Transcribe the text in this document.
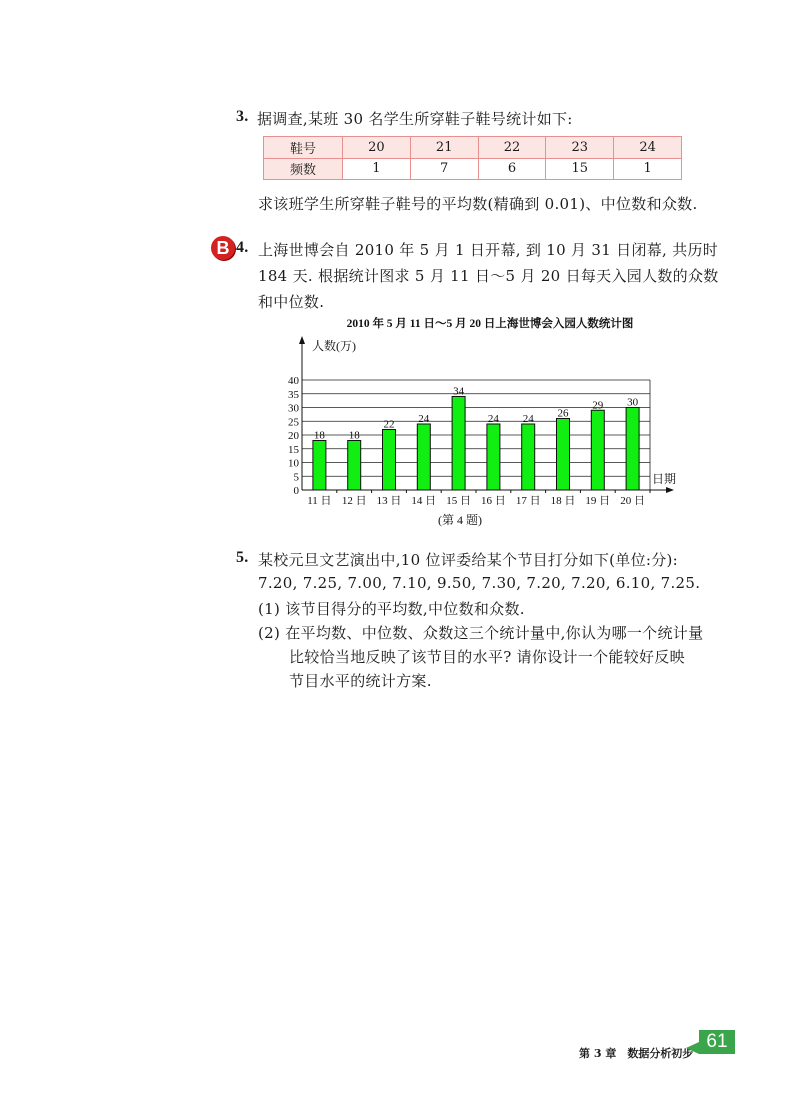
3. 据调查,某班 30 名学生所穿鞋子鞋号统计如下:
鞋号	20	21	22	23	24
频数	1	7	6	15	1
求该班学生所穿鞋子鞋号的平均数(精确到 0.01)、中位数和众数.
B 4. 上海世博会自 2010 年 5 月 1 日开幕, 到 10 月 31 日闭幕, 共历时
184 天. 根据统计图求 5 月 11 日～5 月 20 日每天入园人数的众数
和中位数.
2010 年 5 月 11 日～5 月 20 日上海世博会入园人数统计图
人数(万)
日期
0
5
10
15
20
25
30
35
40
18 18
22 24
34
24 24 26
29 30
11 日 12 日 13 日 14 日 15 日 16 日 17 日 18 日 19 日 20 日
(第 4 题)
5. 某校元旦文艺演出中,10 位评委给某个节目打分如下(单位:分):
7.20, 7.25, 7.00, 7.10, 9.50, 7.30, 7.20, 7.20, 6.10, 7.25.
(1) 该节目得分的平均数,中位数和众数.
(2) 在平均数、中位数、众数这三个统计量中,你认为哪一个统计量
比较恰当地反映了该节目的水平? 请你设计一个能较好反映
节目水平的统计方案.
第 3 章　数据分析初步
61
